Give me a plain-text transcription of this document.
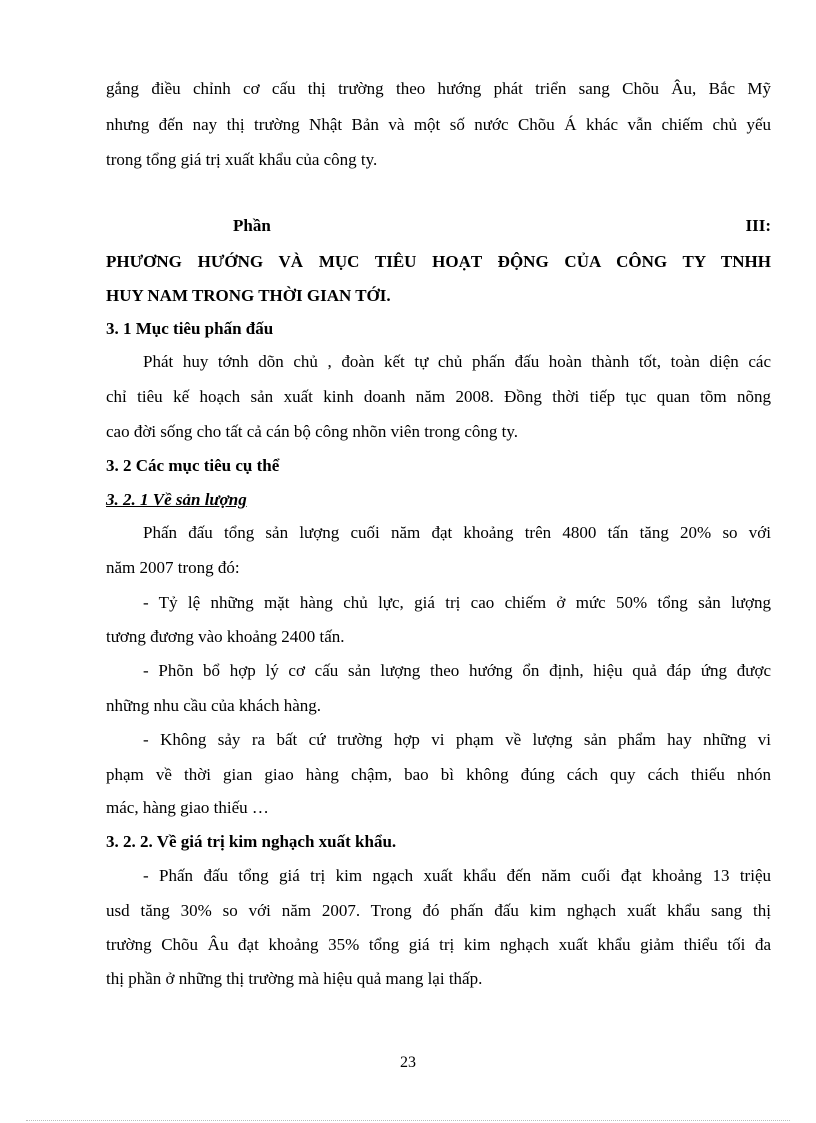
gắng điều chỉnh cơ cấu thị trường theo hướng phát triển sang Chõu Âu, Bắc Mỹ
nhưng đến nay thị trường Nhật Bản và một số nước Chõu Á khác vẫn chiếm chủ yếu
trong tổng giá trị xuất khẩu của công ty.
Phần	III:
PHƯƠNG HƯỚNG VÀ MỤC TIÊU HOẠT ĐỘNG CỦA CÔNG TY TNHH
HUY NAM TRONG THỜI GIAN TỚI.
3. 1 Mục tiêu phấn đấu
Phát huy tớnh dõn chủ , đoàn kết tự chủ phấn đấu hoàn thành tốt, toàn diện các
chỉ tiêu kế hoạch sản xuất kinh doanh năm 2008. Đồng thời tiếp tục quan tõm nõng
cao đời sống cho tất cả cán bộ công nhõn viên trong công ty.
3. 2 Các mục tiêu cụ thể
3. 2. 1 Về sản lượng
Phấn đấu tổng sản lượng cuối năm đạt khoảng trên 4800 tấn tăng 20% so với
năm 2007 trong đó:
- Tỷ lệ những mặt hàng chủ lực, giá trị cao chiếm ở mức 50% tổng sản lượng
tương đương vào khoảng 2400 tấn.
- Phõn bổ hợp lý cơ cấu sản lượng theo hướng ổn định, hiệu quả đáp ứng được
những nhu cầu của khách hàng.
- Không sảy ra bất cứ trường hợp vi phạm về lượng sản phẩm hay những vi
phạm về thời gian giao hàng chậm, bao bì không đúng cách quy cách thiếu nhón
mác, hàng giao thiếu …
3. 2. 2. Về giá trị kim nghạch xuất khẩu.
- Phấn đấu tổng giá trị kim ngạch xuất khẩu đến năm cuối đạt khoảng 13 triệu
usd tăng 30% so với năm 2007. Trong đó phấn đấu kim nghạch xuất khẩu sang thị
trường Chõu Âu đạt khoảng 35% tổng giá trị kim nghạch xuất khẩu giảm thiểu tối đa
thị phần ở những thị trường mà hiệu quả mang lại thấp.
23
